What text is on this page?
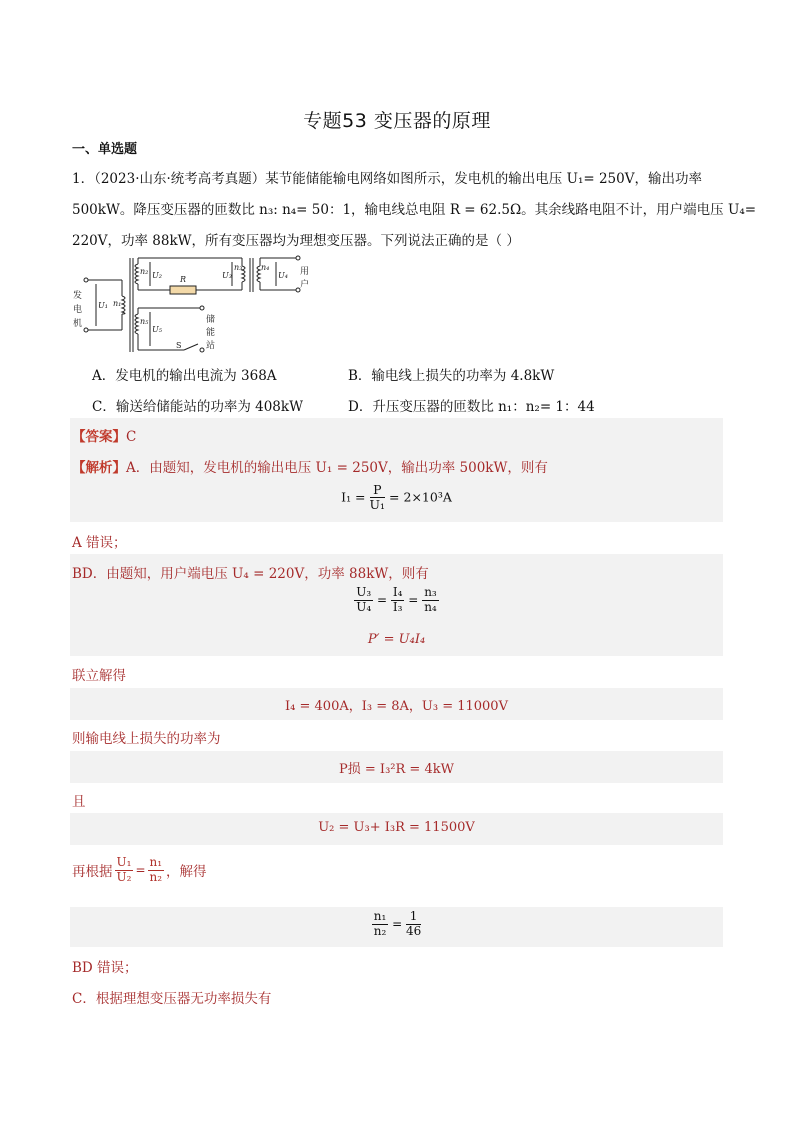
专题53 变压器的原理
一、单选题
1．（2023·山东·统考高考真题）某节能储能输电网络如图所示，发电机的输出电压 U₁= 250V，输出功率
500kW。降压变压器的匝数比 n₃: n₄= 50：1，输电线总电阻 R = 62.5Ω。其余线路电阻不计，用户端电压 U₄=
220V，功率 88kW，所有变压器均为理想变压器。下列说法正确的是（ ）
U₁
U₂	U₃	U₄
U₅
n₁
n₂	n₃ n₄
n₅
R
S
发
电
机
用
户
储
能
站
A．发电机的输出电流为 368A	B．输电线上损失的功率为 4.8kW
C．输送给储能站的功率为 408kW	D．升压变压器的匝数比 n₁：n₂= 1：44
【答案】C
【解析】A．由题知，发电机的输出电压 U₁ = 250V，输出功率 500kW，则有
$I_1 = \frac{P}{\text{U₁}} = 2\times 10^3A$
A 错误；
BD．由题知，用户端电压 U₄ = 220V，功率 88kW，则有
$\frac{\text{U₃}}{\text{U₄}} = \frac{\text{I₄}}{\text{I₃}} = \frac{\text{n₃}}{\text{n₄}}$
P′ = U₄I₄
联立解得
I₄ = 400A，I₃ = 8A，U₃ = 11000V
则输电线上损失的功率为
P损 = I₃²R = 4kW
且
U₂ = U₃+ I₃R = 11500V
再根据 $\frac{\text{U₁}}{\text{U₂}} = \frac{\text{n₁}}{\text{n₂}}$ ，解得
$\frac{\text{n₁}}{\text{n₂}} = \frac{1}{46}$
BD 错误；
C．根据理想变压器无功率损失有
